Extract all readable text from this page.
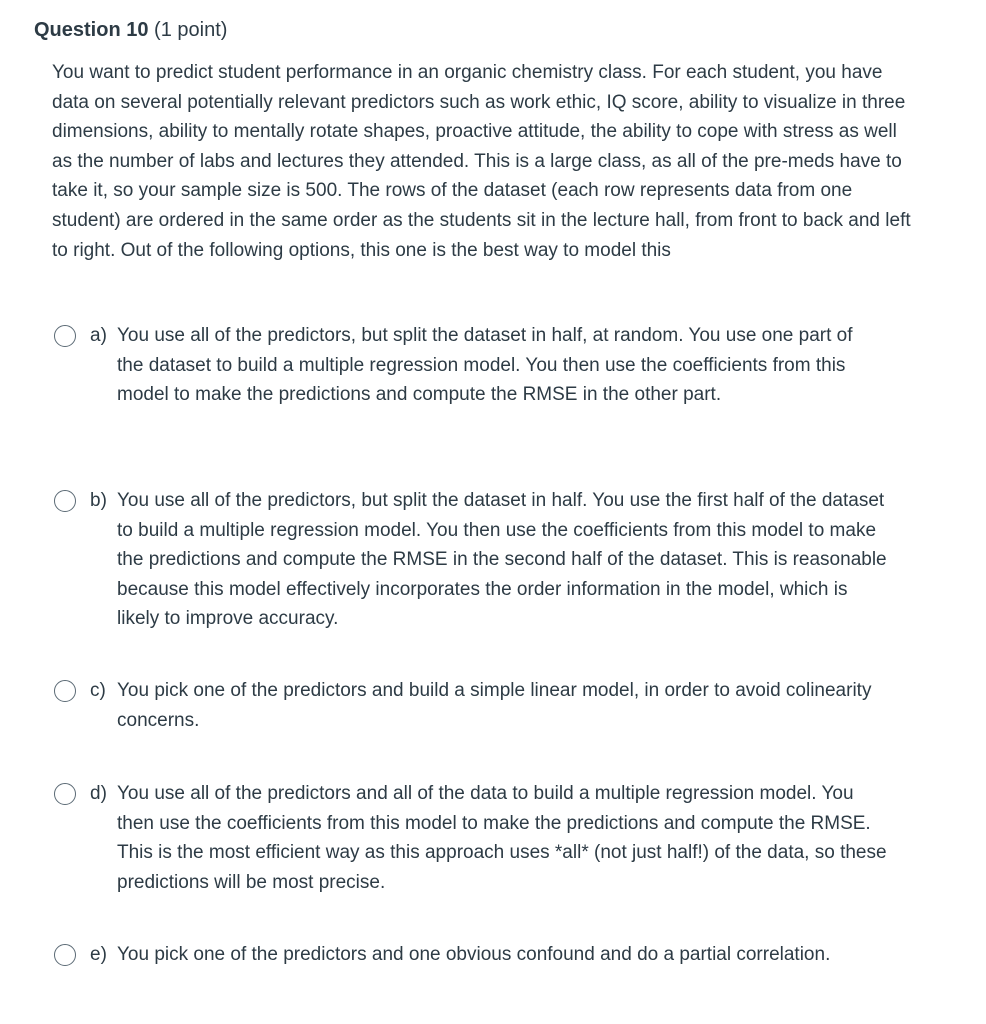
Question 10 (1 point)
You want to predict student performance in an organic chemistry class. For each student, you have data on several potentially relevant predictors such as work ethic, IQ score, ability to visualize in three dimensions, ability to mentally rotate shapes, proactive attitude, the ability to cope with stress as well as the number of labs and lectures they attended. This is a large class, as all of the pre-meds have to take it, so your sample size is 500. The rows of the dataset (each row represents data from one student) are ordered in the same order as the students sit in the lecture hall, from front to back and left to right. Out of the following options, this one is the best way to model this
a) You use all of the predictors, but split the dataset in half, at random. You use one part of the dataset to build a multiple regression model. You then use the coefficients from this model to make the predictions and compute the RMSE in the other part.
b) You use all of the predictors, but split the dataset in half. You use the first half of the dataset to build a multiple regression model. You then use the coefficients from this model to make the predictions and compute the RMSE in the second half of the dataset. This is reasonable because this model effectively incorporates the order information in the model, which is likely to improve accuracy.
c) You pick one of the predictors and build a simple linear model, in order to avoid colinearity concerns.
d) You use all of the predictors and all of the data to build a multiple regression model. You then use the coefficients from this model to make the predictions and compute the RMSE. This is the most efficient way as this approach uses *all* (not just half!) of the data, so these predictions will be most precise.
e) You pick one of the predictors and one obvious confound and do a partial correlation.
